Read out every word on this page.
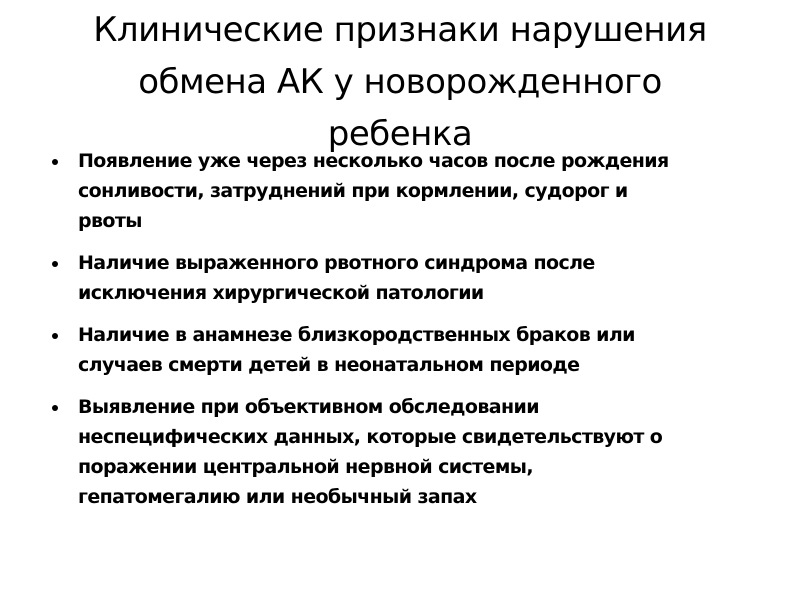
Клинические признаки нарушения
обмена АК у новорожденного
ребенка
Появление уже через несколько часов после рождения
сонливости, затруднений при кормлении, судорог и
рвоты
Наличие выраженного рвотного синдрома после
исключения хирургической патологии
Наличие в анамнезе близкородственных браков или
случаев смерти детей в неонатальном периоде
Выявление при объективном обследовании
неспецифических данных, которые свидетельствуют о
поражении центральной нервной системы,
гепатомегалию или необычный запах
